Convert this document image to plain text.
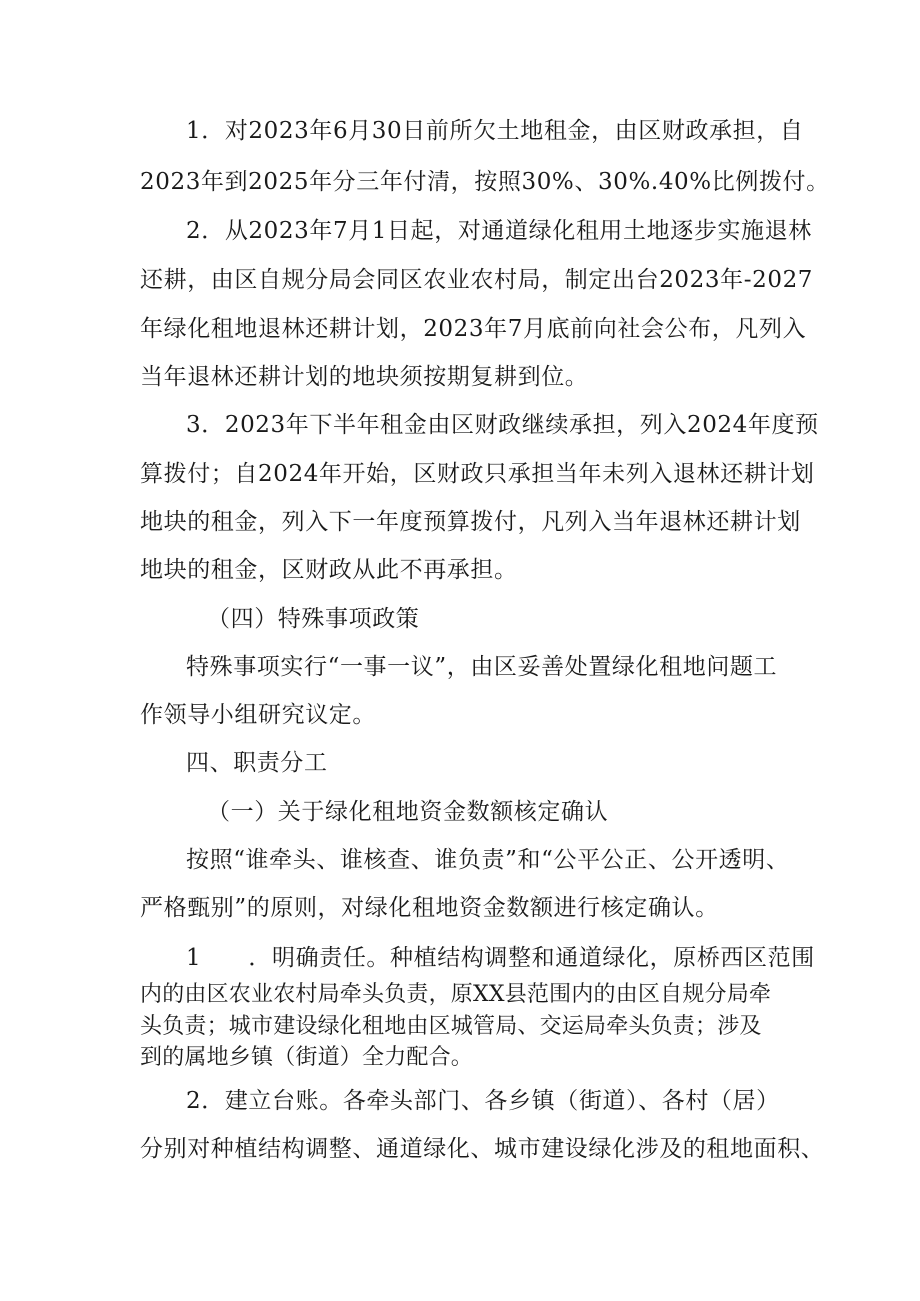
1．对2023年6月30日前所欠土地租金，由区财政承担，自
2023年到2025年分三年付清，按照30%、30%.40%比例拨付。
2．从2023年7月1日起，对通道绿化租用土地逐步实施退林
还耕，由区自规分局会同区农业农村局，制定出台2023年-2027
年绿化租地退林还耕计划，2023年7月底前向社会公布，凡列入
当年退林还耕计划的地块须按期复耕到位。
3．2023年下半年租金由区财政继续承担，列入2024年度预
算拨付；自2024年开始，区财政只承担当年未列入退林还耕计划
地块的租金，列入下一年度预算拨付，凡列入当年退林还耕计划
地块的租金，区财政从此不再承担。
（四）特殊事项政策
特殊事项实行“一事一议”，由区妥善处置绿化租地问题工
作领导小组研究议定。
四、职责分工
（一）关于绿化租地资金数额核定确认
按照“谁牵头、谁核查、谁负责”和“公平公正、公开透明、
严格甄别”的原则，对绿化租地资金数额进行核定确认。
1　　．明确责任。种植结构调整和通道绿化，原桥西区范围
内的由区农业农村局牵头负责，原XX县范围内的由区自规分局牵
头负责；城市建设绿化租地由区城管局、交运局牵头负责；涉及
到的属地乡镇（街道）全力配合。
2．建立台账。各牵头部门、各乡镇（街道）、各村（居）
分别对种植结构调整、通道绿化、城市建设绿化涉及的租地面积、
